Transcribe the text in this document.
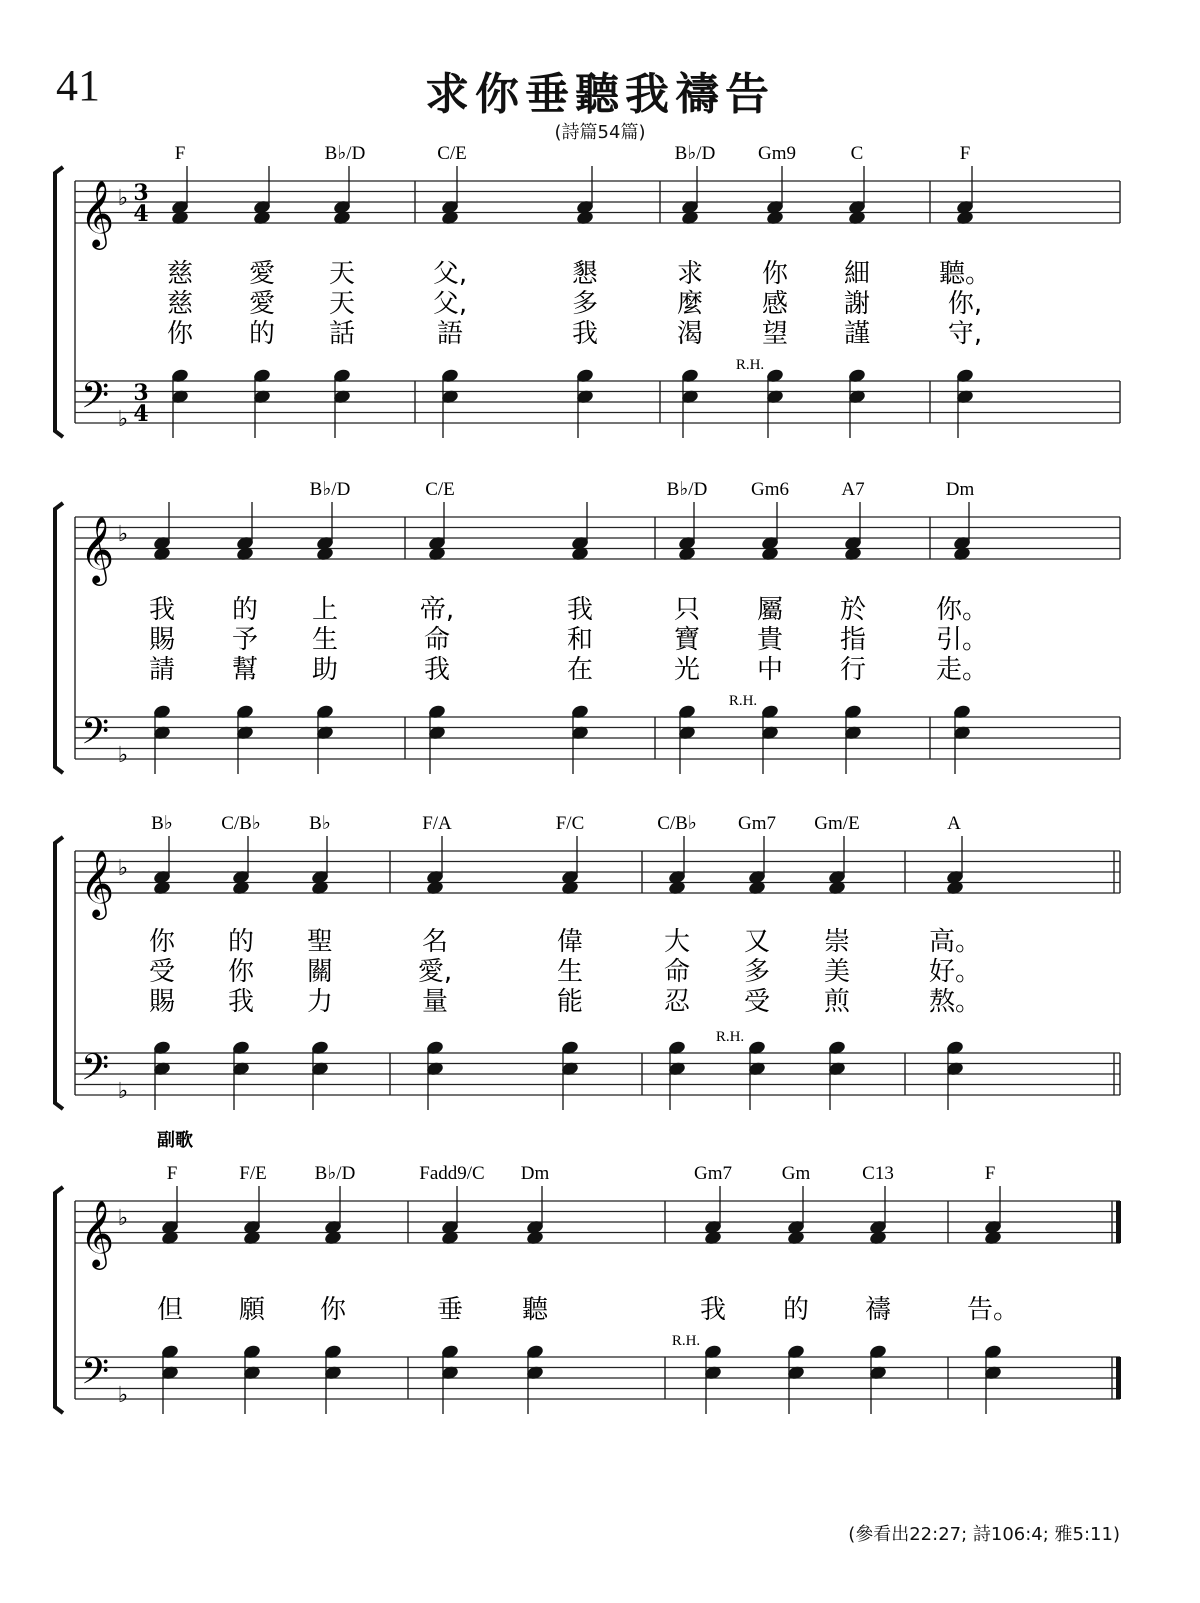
41	求你垂聽我禱告
(詩篇54篇)
𝄞 ♭ 3
4
𝄢 ♭
3
4
F	B♭/D	C/E	B♭/D Gm9	C	F
R.H.
慈 愛 天	父,	懇	求 你 細	聽。
慈 愛 天	父,	多	麼 感 謝	你,
你 的 話	語	我	渴 望 謹	守,
𝄞 ♭
𝄢 ♭
B♭/D	C/E	B♭/D Gm6	A7	Dm
R.H.
我 的 上	帝,	我	只 屬 於	你。
賜 予 生	命	和	寶 貴 指	引。
請 幫 助	我	在	光 中 行	走。
𝄞 ♭
𝄢 ♭
B♭	C/B♭	B♭	F/A	F/C	C/B♭ Gm7 Gm/E	A
R.H.
你 的 聖	名	偉	大 又 崇	高。
受 你 關	愛,	生	命 多 美	好。
賜 我 力	量	能	忍 受 煎	熬。
𝄞 ♭
𝄢 ♭
副歌
F	F/E	B♭/D	Fadd9/C Dm	Gm7	Gm	C13	F
R.H.
但 願 你	垂 聽	我 的 禱	告。
(參看出22:27; 詩106:4; 雅5:11)
